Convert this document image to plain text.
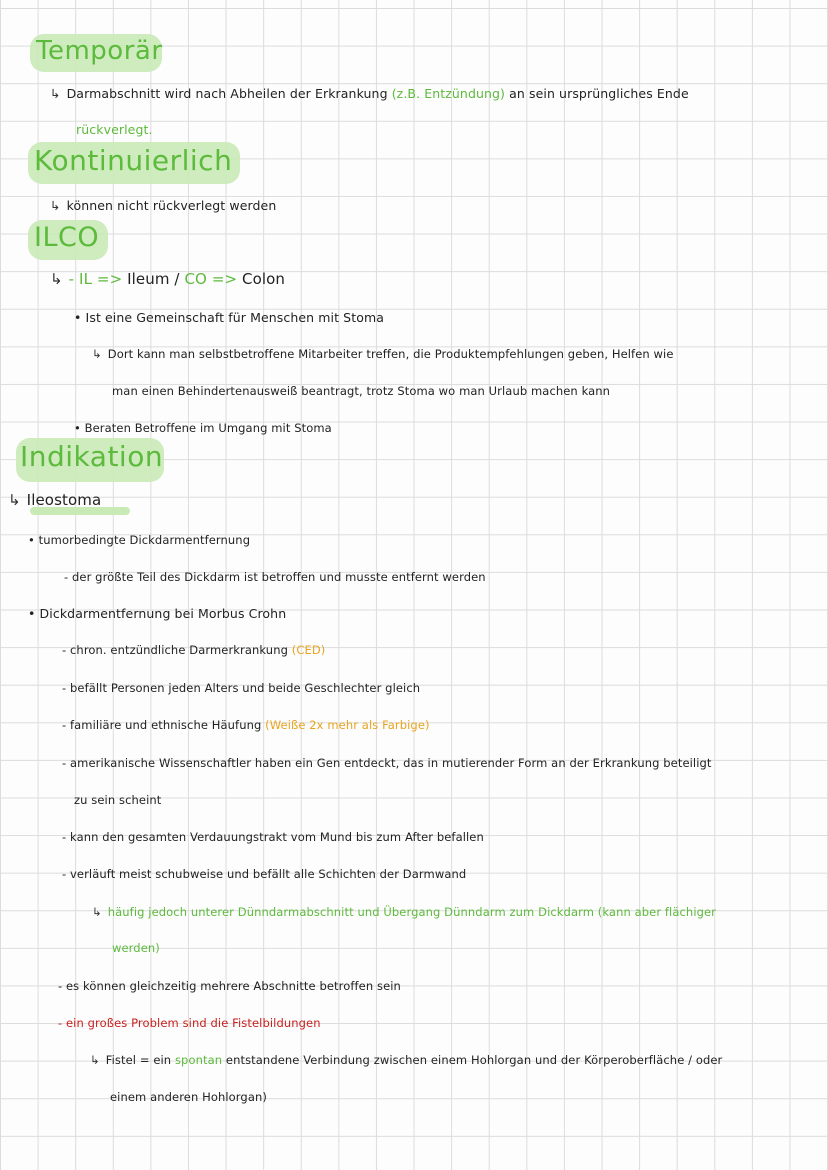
Temporär
↳ Darmabschnitt wird nach Abheilen der Erkrankung (z.B. Entzündung) an sein ursprüngliches Ende
rückverlegt.
Kontinuierlich
↳ können nicht rückverlegt werden
ILCO
↳ - IL => Ileum / CO => Colon
• Ist eine Gemeinschaft für Menschen mit Stoma
↳ Dort kann man selbstbetroffene Mitarbeiter treffen, die Produktempfehlungen geben, Helfen wie
man einen Behindertenausweiß beantragt, trotz Stoma wo man Urlaub machen kann
• Beraten Betroffene im Umgang mit Stoma
Indikation
↳ Ileostoma
• tumorbedingte Dickdarmentfernung
- der größte Teil des Dickdarm ist betroffen und musste entfernt werden
• Dickdarmentfernung bei Morbus Crohn
- chron. entzündliche Darmerkrankung (CED)
- befällt Personen jeden Alters und beide Geschlechter gleich
- familiäre und ethnische Häufung (Weiße 2x mehr als Farbige)
- amerikanische Wissenschaftler haben ein Gen entdeckt, das in mutierender Form an der Erkrankung beteiligt
zu sein scheint
- kann den gesamten Verdauungstrakt vom Mund bis zum After befallen
- verläuft meist schubweise und befällt alle Schichten der Darmwand
↳ häufig jedoch unterer Dünndarmabschnitt und Übergang Dünndarm zum Dickdarm (kann aber flächiger
werden)
- es können gleichzeitig mehrere Abschnitte betroffen sein
- ein großes Problem sind die Fistelbildungen
↳ Fistel = ein spontan entstandene Verbindung zwischen einem Hohlorgan und der Körperoberfläche / oder
einem anderen Hohlorgan)
